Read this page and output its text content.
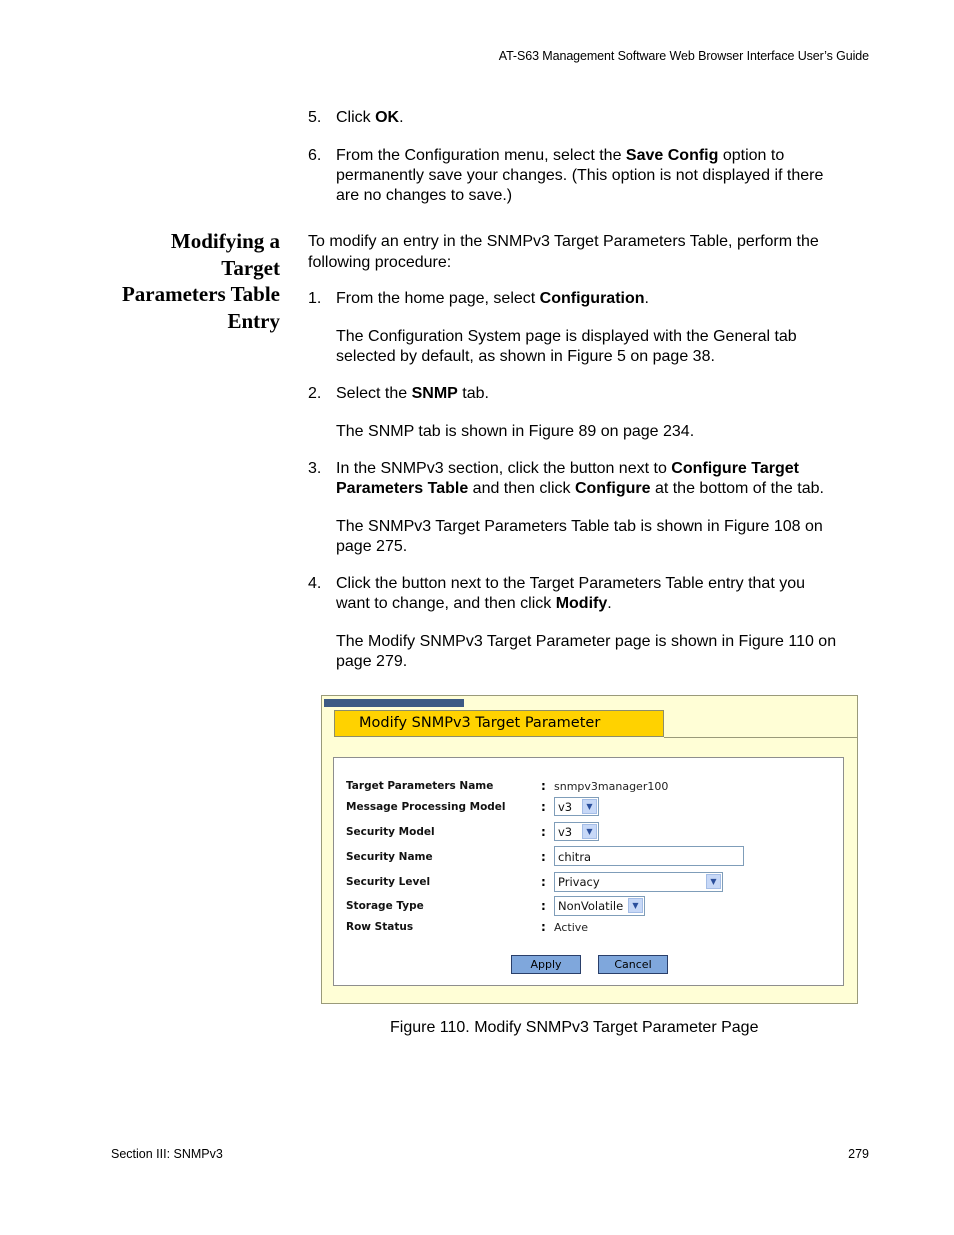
AT-S63 Management Software Web Browser Interface User’s Guide
5. Click OK.
6. From the Configuration menu, select the Save Config option to
permanently save your changes. (This option is not displayed if there
are no changes to save.)
Modifying a
Target
Parameters Table
Entry
To modify an entry in the SNMPv3 Target Parameters Table, perform the
following procedure:
1. From the home page, select Configuration.
The Configuration System page is displayed with the General tab
selected by default, as shown in Figure 5 on page 38.
2. Select the SNMP tab.
The SNMP tab is shown in Figure 89 on page 234.
3. In the SNMPv3 section, click the button next to Configure Target
Parameters Table and then click Configure at the bottom of the tab.
The SNMPv3 Target Parameters Table tab is shown in Figure 108 on
page 275.
4. Click the button next to the Target Parameters Table entry that you
want to change, and then click Modify.
The Modify SNMPv3 Target Parameter page is shown in Figure 110 on
page 279.
Modify SNMPv3 Target Parameter
Target Parameters Name	: snmpv3manager100
Message Processing Model	:	v3	▼
Security Model	:	v3	▼
Security Name	:	chitra
Security Level	:	Privacy	▼
Storage Type	:	NonVolatile	▼
Row Status	: Active
Apply	Cancel
Figure 110. Modify SNMPv3 Target Parameter Page
Section III: SNMPv3	279
